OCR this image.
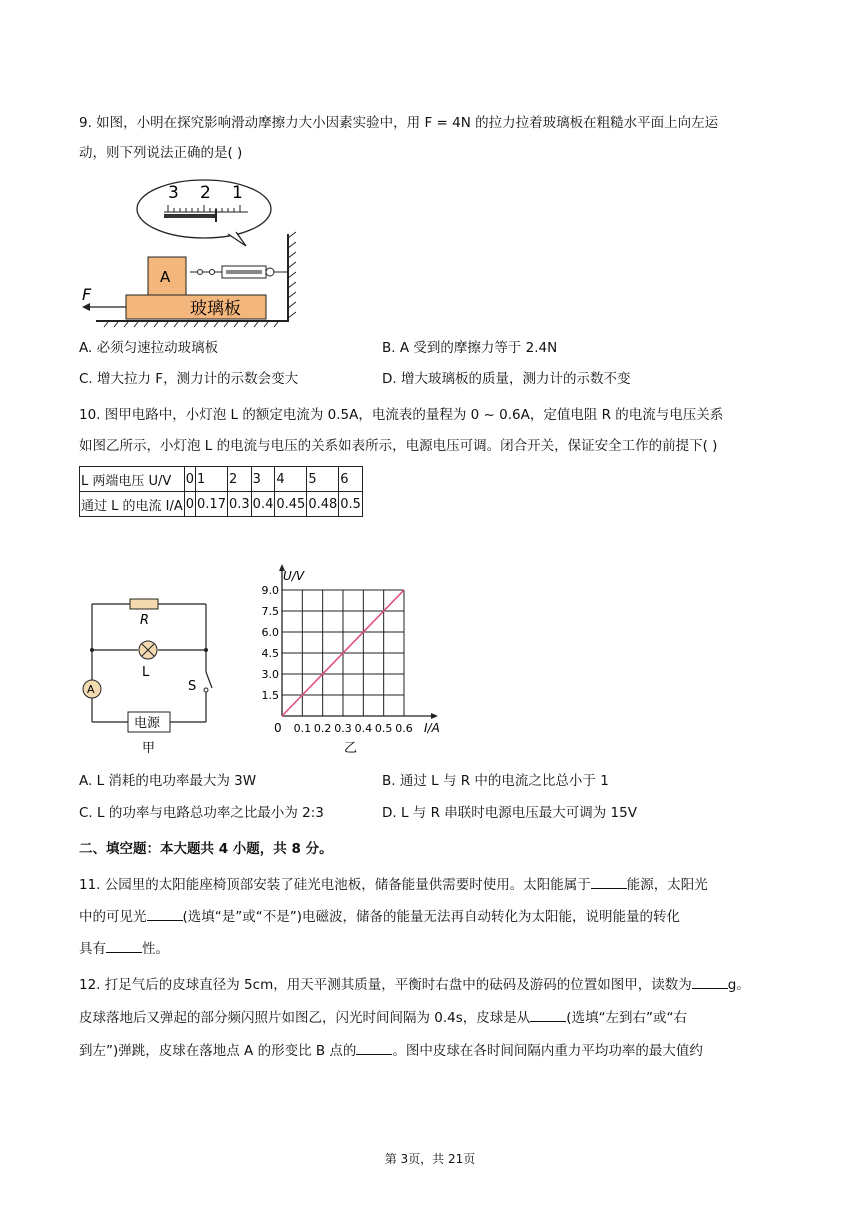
9. 如图，小明在探究影响滑动摩擦力大小因素实验中，用 F = 4N 的拉力拉着玻璃板在粗糙水平面上向左运
动，则下列说法正确的是( )
3 2 1
A
玻璃板
F
A. 必须匀速拉动玻璃板	B. A 受到的摩擦力等于 2.4N
C. 增大拉力 F，测力计的示数会变大	D. 增大玻璃板的质量，测力计的示数不变
10. 图甲电路中，小灯泡 L 的额定电流为 0.5A，电流表的量程为 0 ~ 0.6A，定值电阻 R 的电流与电压关系
如图乙所示，小灯泡 L 的电流与电压的关系如表所示，电源电压可调。闭合开关，保证安全工作的前提下( )
L 两端电压 U/V	0	1	2	3	4	5	6
通过 L 的电流 I/A	0	0.17	0.3	0.4	0.45	0.48	0.5
R
L
A	S
电源
甲
1.5
3.0
4.5
6.0
7.5
9.0
0.1 0.2 0.3 0.4 0.5 0.6
U/V
I/A
0
乙
A. L 消耗的电功率最大为 3W	B. 通过 L 与 R 中的电流之比总小于 1
C. L 的功率与电路总功率之比最小为 2:3	D. L 与 R 串联时电源电压最大可调为 15V
二、填空题：本大题共 4 小题，共 8 分。
11. 公园里的太阳能座椅顶部安装了硅光电池板，储备能量供需要时使用。太阳能属于	能源，太阳光
中的可见光	(选填“是”或“不是”)电磁波，储备的能量无法再自动转化为太阳能，说明能量的转化
具有	性。
12. 打足气后的皮球直径为 5cm，用天平测其质量，平衡时右盘中的砝码及游码的位置如图甲，读数为	g。
皮球落地后又弹起的部分频闪照片如图乙，闪光时间间隔为 0.4s，皮球是从	(选填“左到右”或“右
到左”)弹跳，皮球在落地点 A 的形变比 B 点的	。图中皮球在各时间间隔内重力平均功率的最大值约
第 3页，共 21页
